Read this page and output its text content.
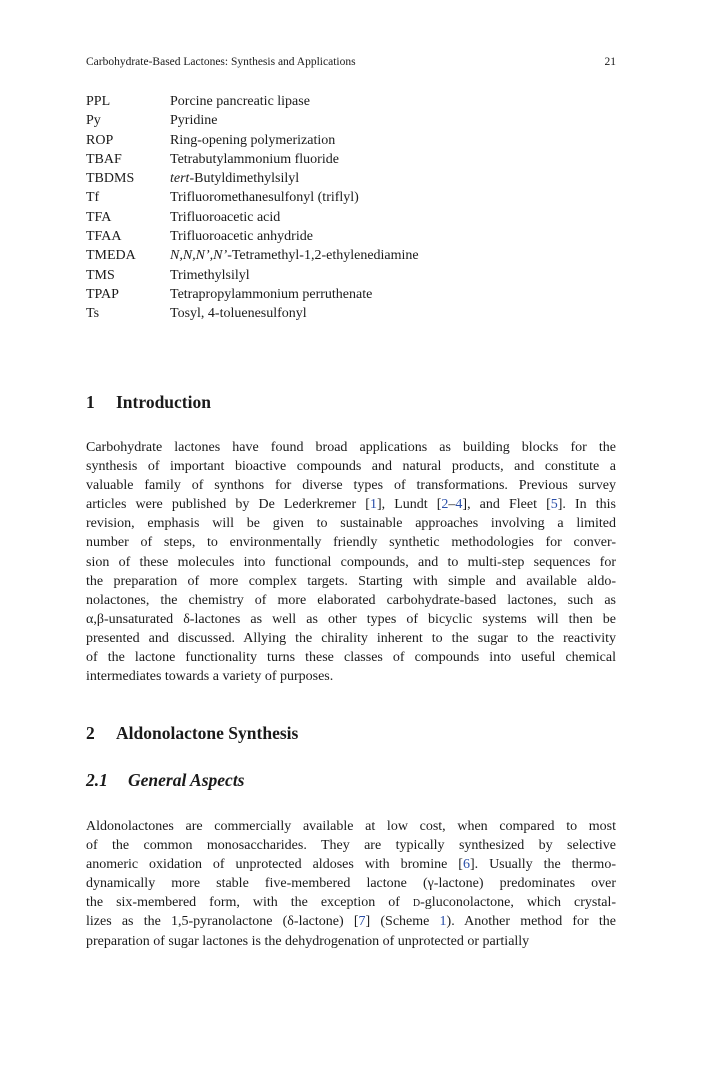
Carbohydrate-Based Lactones: Synthesis and Applications	21
PPL	Porcine pancreatic lipase
Py	Pyridine
ROP	Ring-opening polymerization
TBAF	Tetrabutylammonium fluoride
TBDMS	tert-Butyldimethylsilyl
Tf	Trifluoromethanesulfonyl (triflyl)
TFA	Trifluoroacetic acid
TFAA	Trifluoroacetic anhydride
TMEDA	N,N,N’,N’-Tetramethyl-1,2-ethylenediamine
TMS	Trimethylsilyl
TPAP	Tetrapropylammonium perruthenate
Ts	Tosyl, 4-toluenesulfonyl
1 Introduction
Carbohydrate lactones have found broad applications as building blocks for the
synthesis of important bioactive compounds and natural products, and constitute a
valuable family of synthons for diverse types of transformations. Previous survey
articles were published by De Lederkremer [1], Lundt [2–4], and Fleet [5]. In this
revision, emphasis will be given to sustainable approaches involving a limited
number of steps, to environmentally friendly synthetic methodologies for conver-
sion of these molecules into functional compounds, and to multi-step sequences for
the preparation of more complex targets. Starting with simple and available aldo-
nolactones, the chemistry of more elaborated carbohydrate-based lactones, such as
α,β-unsaturated δ-lactones as well as other types of bicyclic systems will then be
presented and discussed. Allying the chirality inherent to the sugar to the reactivity
of the lactone functionality turns these classes of compounds into useful chemical
intermediates towards a variety of purposes.
2 Aldonolactone Synthesis
2.1 General Aspects
Aldonolactones are commercially available at low cost, when compared to most
of the common monosaccharides. They are typically synthesized by selective
anomeric oxidation of unprotected aldoses with bromine [6]. Usually the thermo-
dynamically more stable five-membered lactone (γ-lactone) predominates over
the six-membered form, with the exception of d-gluconolactone, which crystal-
lizes as the 1,5-pyranolactone (δ-lactone) [7] (Scheme 1). Another method for the
preparation of sugar lactones is the dehydrogenation of unprotected or partially
